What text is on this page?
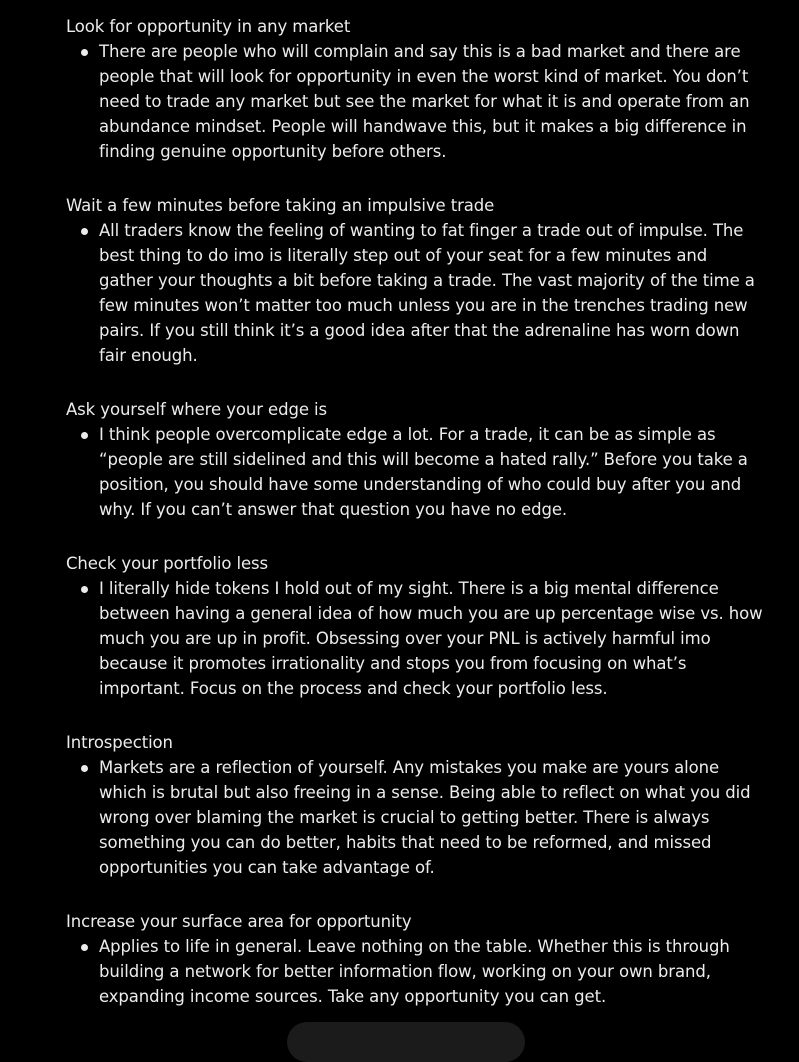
Look for opportunity in any market

There are people who will complain and say this is a bad market and there are people that will look for opportunity in even the worst kind of market. You don’t need to trade any market but see the market for what it is and operate from an abundance mindset. People will handwave this, but it makes a big difference in finding genuine opportunity before others.

Wait a few minutes before taking an impulsive trade

All traders know the feeling of wanting to fat finger a trade out of impulse. The best thing to do imo is literally step out of your seat for a few minutes and gather your thoughts a bit before taking a trade. The vast majority of the time a few minutes won’t matter too much unless you are in the trenches trading new pairs. If you still think it’s a good idea after that the adrenaline has worn down fair enough.

Ask yourself where your edge is

I think people overcomplicate edge a lot. For a trade, it can be as simple as “people are still sidelined and this will become a hated rally.” Before you take a position, you should have some understanding of who could buy after you and why. If you can’t answer that question you have no edge.

Check your portfolio less

I literally hide tokens I hold out of my sight. There is a big mental difference between having a general idea of how much you are up percentage wise vs. how much you are up in profit. Obsessing over your PNL is actively harmful imo because it promotes irrationality and stops you from focusing on what’s important. Focus on the process and check your portfolio less.

Introspection

Markets are a reflection of yourself. Any mistakes you make are yours alone which is brutal but also freeing in a sense. Being able to reflect on what you did wrong over blaming the market is crucial to getting better. There is always something you can do better, habits that need to be reformed, and missed opportunities you can take advantage of.

Increase your surface area for opportunity

Applies to life in general. Leave nothing on the table. Whether this is through building a network for better information flow, working on your own brand, expanding income sources. Take any opportunity you can get.
